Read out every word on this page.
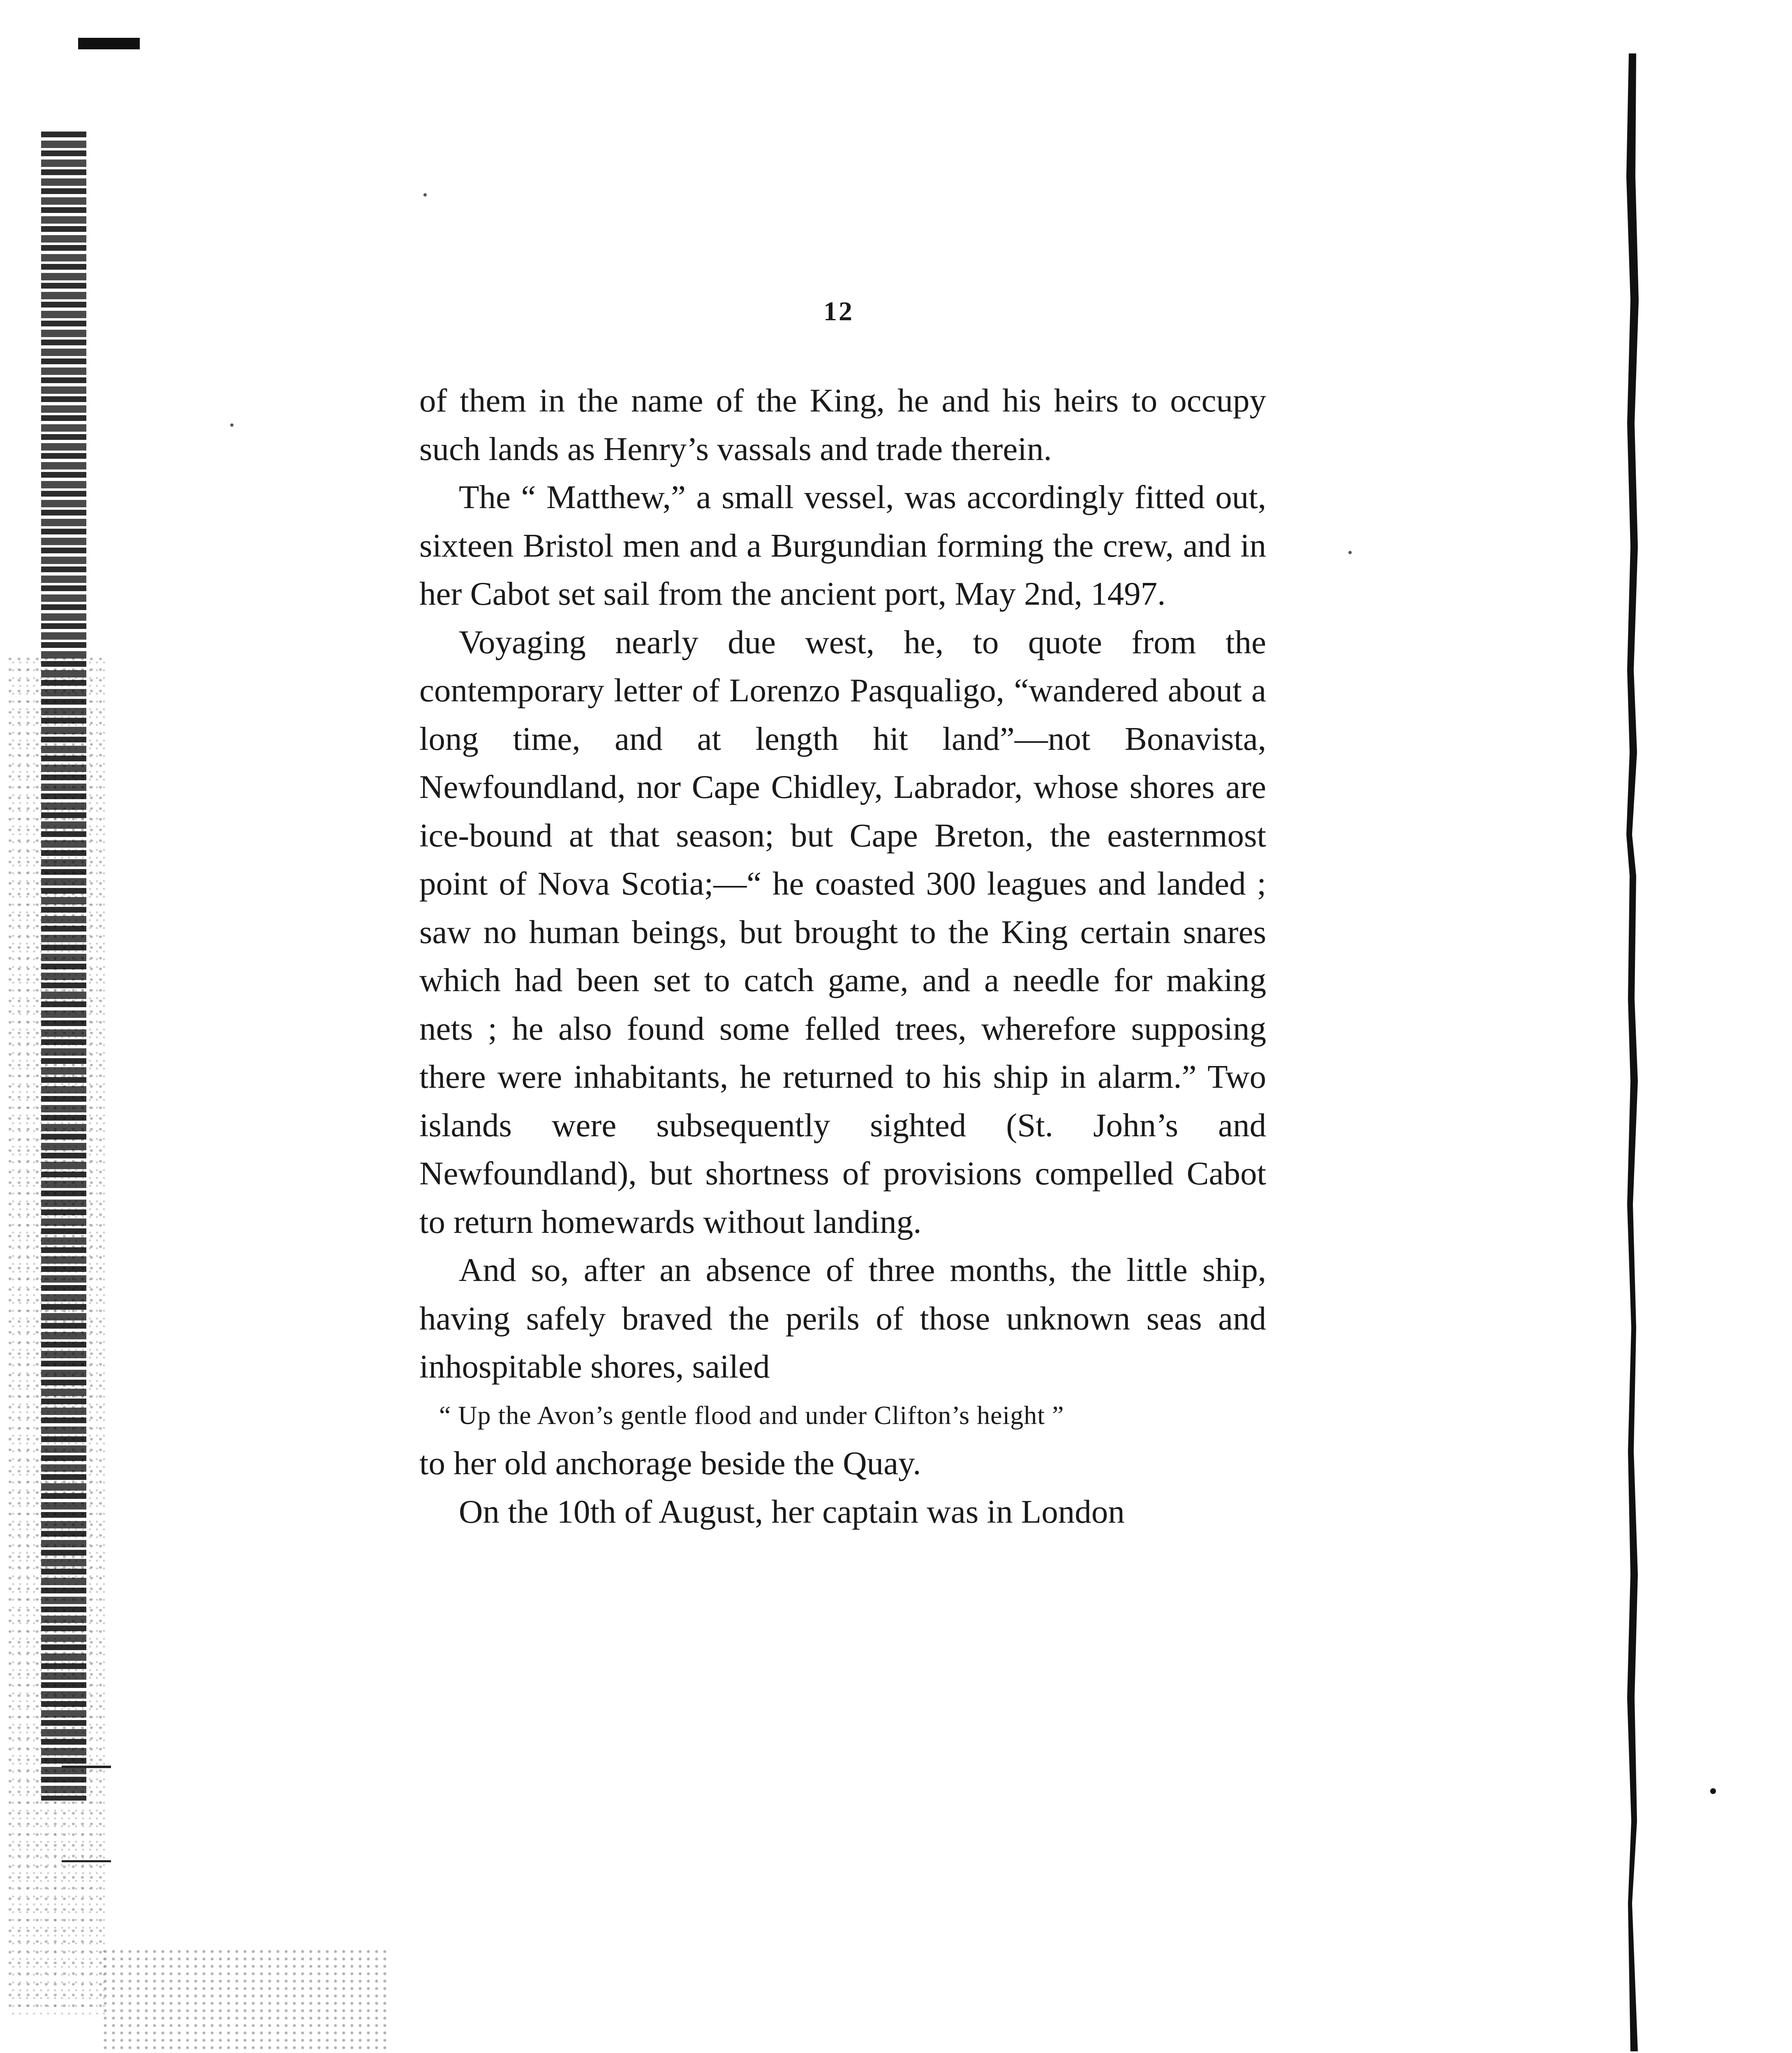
12

of them in the name of the King, he and his heirs to occupy such lands as Henry’s vassals and trade therein.

The “ Matthew,” a small vessel, was accordingly fitted out, sixteen Bristol men and a Burgundian forming the crew, and in her Cabot set sail from the ancient port, May 2nd, 1497.

Voyaging nearly due west, he, to quote from the contemporary letter of Lorenzo Pasqualigo, “wandered about a long time, and at length hit land”—not Bonavista, Newfoundland, nor Cape Chidley, Labrador, whose shores are ice-bound at that season; but Cape Breton, the easternmost point of Nova Scotia;—“ he coasted 300 leagues and landed ; saw no human beings, but brought to the King certain snares which had been set to catch game, and a needle for making nets ; he also found some felled trees, wherefore supposing there were inhabitants, he returned to his ship in alarm.” Two islands were subsequently sighted (St. John’s and Newfoundland), but shortness of provisions compelled Cabot to return homewards without landing.

And so, after an absence of three months, the little ship, having safely braved the perils of those unknown seas and inhospitable shores, sailed

“ Up the Avon’s gentle flood and under Clifton’s height ”

to her old anchorage beside the Quay.

On the 10th of August, her captain was in London
